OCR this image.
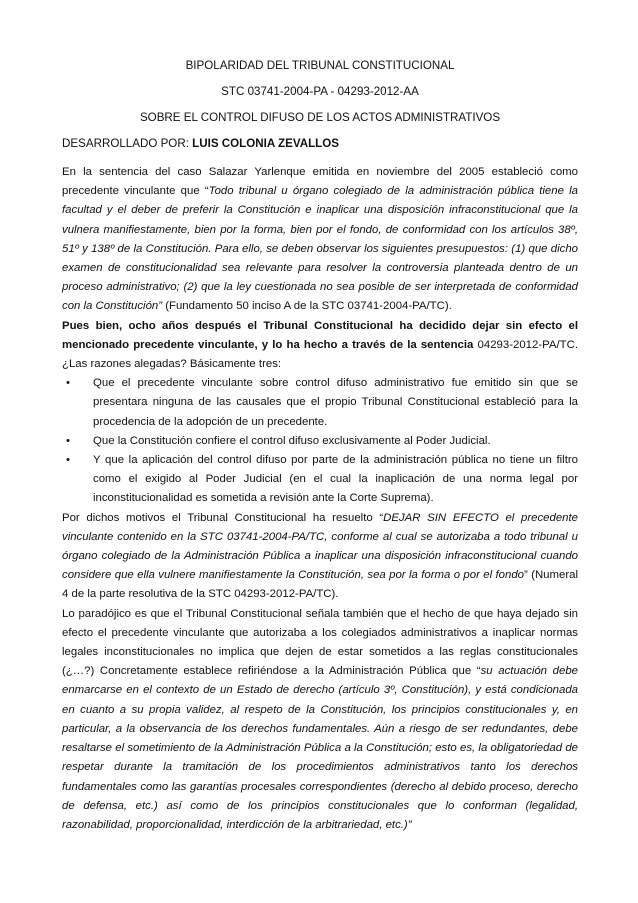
BIPOLARIDAD DEL TRIBUNAL CONSTITUCIONAL
STC 03741-2004-PA - 04293-2012-AA
SOBRE EL CONTROL DIFUSO DE LOS ACTOS ADMINISTRATIVOS
DESARROLLADO POR: LUIS COLONIA ZEVALLOS

En la sentencia del caso Salazar Yarlenque emitida en noviembre del 2005 estableció como precedente vinculante que “Todo tribunal u órgano colegiado de la administración pública tiene la facultad y el deber de preferir la Constitución e inaplicar una disposición infraconstitucional que la vulnera manifiestamente, bien por la forma, bien por el fondo, de conformidad con los artículos 38º, 51º y 138º de la Constitución. Para ello, se deben observar los siguientes presupuestos: (1) que dicho examen de constitucionalidad sea relevante para resolver la controversia planteada dentro de un proceso administrativo; (2) que la ley cuestionada no sea posible de ser interpretada de conformidad con la Constitución” (Fundamento 50 inciso A de la STC 03741-2004-PA/TC).

Pues bien, ocho años después el Tribunal Constitucional ha decidido dejar sin efecto el mencionado precedente vinculante, y lo ha hecho a través de la sentencia 04293-2012-PA/TC. ¿Las razones alegadas? Básicamente tres:

• Que el precedente vinculante sobre control difuso administrativo fue emitido sin que se presentara ninguna de las causales que el propio Tribunal Constitucional estableció para la procedencia de la adopción de un precedente.
• Que la Constitución confiere el control difuso exclusivamente al Poder Judicial.
• Y que la aplicación del control difuso por parte de la administración pública no tiene un filtro como el exigido al Poder Judicial (en el cual la inaplicación de una norma legal por inconstitucionalidad es sometida a revisión ante la Corte Suprema).

Por dichos motivos el Tribunal Constitucional ha resuelto “DEJAR SIN EFECTO el precedente vinculante contenido en la STC 03741-2004-PA/TC, conforme al cual se autorizaba a todo tribunal u órgano colegiado de la Administración Pública a inaplicar una disposición infraconstitucional cuando considere que ella vulnere manifiestamente la Constitución, sea por la forma o por el fondo” (Numeral 4 de la parte resolutiva de la STC 04293-2012-PA/TC).

Lo paradójico es que el Tribunal Constitucional señala también que el hecho de que haya dejado sin efecto el precedente vinculante que autorizaba a los colegiados administrativos a inaplicar normas legales inconstitucionales no implica que dejen de estar sometidos a las reglas constitucionales (¿…?) Concretamente establece refiriéndose a la Administración Pública que “su actuación debe enmarcarse en el contexto de un Estado de derecho (artículo 3º, Constitución), y está condicionada en cuanto a su propia validez, al respeto de la Constitución, los principios constitucionales y, en particular, a la observancia de los derechos fundamentales. Aún a riesgo de ser redundantes, debe resaltarse el sometimiento de la Administración Pública a la Constitución; esto es, la obligatoriedad de respetar durante la tramitación de los procedimientos administrativos tanto los derechos fundamentales como las garantías procesales correspondientes (derecho al debido proceso, derecho de defensa, etc.) así como de los principios constitucionales que lo conforman (legalidad, razonabilidad, proporcionalidad, interdicción de la arbitrariedad, etc.)”
